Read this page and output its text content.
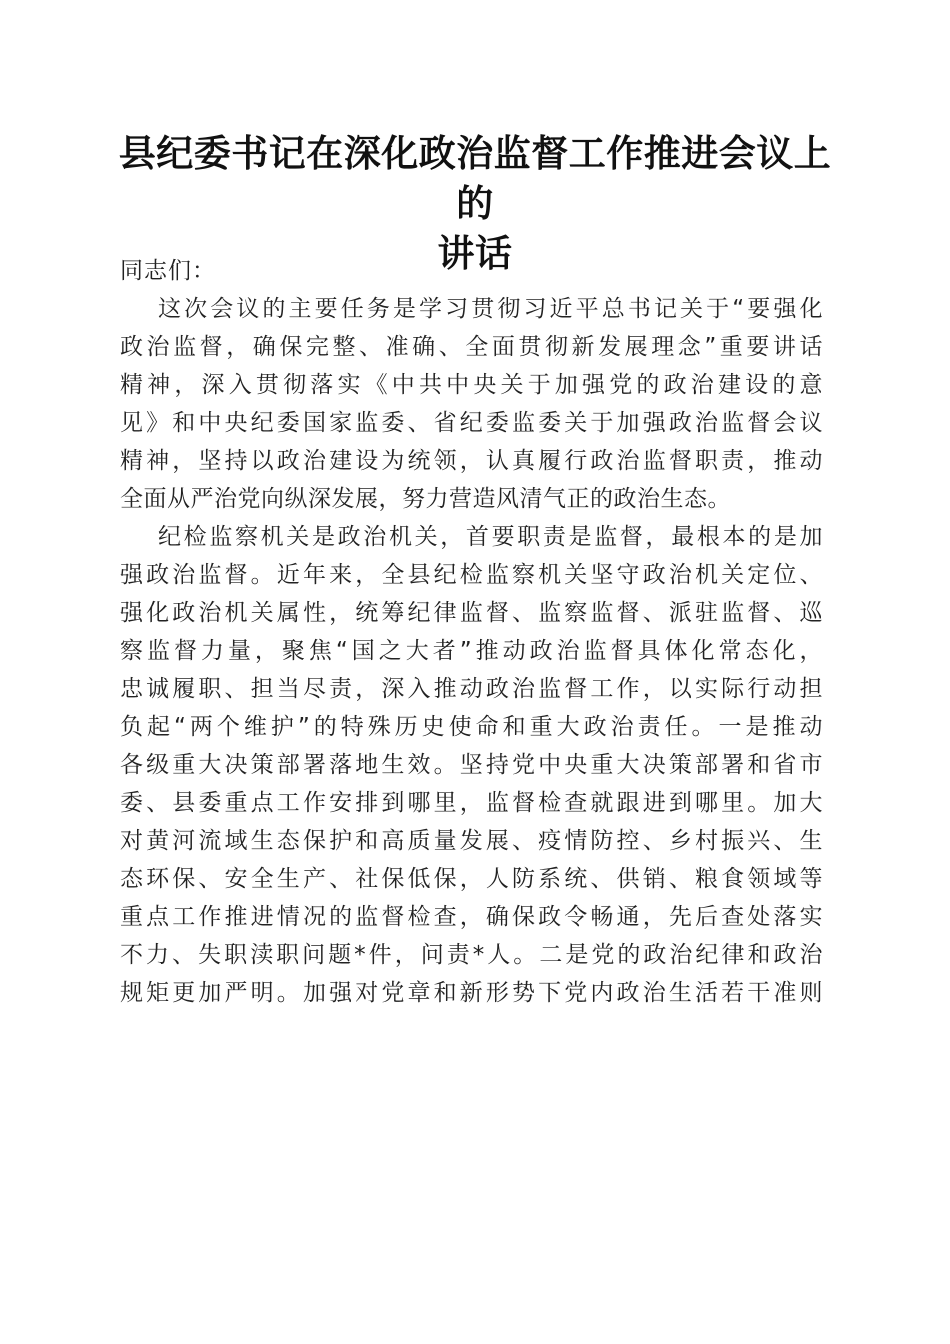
县纪委书记在深化政治监督工作推进会议上的
讲话
同志们：
这次会议的主要任务是学习贯彻习近平总书记关于“要强化
政治监督，确保完整、准确、全面贯彻新发展理念”重要讲话
精神，深入贯彻落实《中共中央关于加强党的政治建设的意
见》和中央纪委国家监委、省纪委监委关于加强政治监督会议
精神，坚持以政治建设为统领，认真履行政治监督职责，推动
全面从严治党向纵深发展，努力营造风清气正的政治生态。
纪检监察机关是政治机关，首要职责是监督，最根本的是加
强政治监督。近年来，全县纪检监察机关坚守政治机关定位、
强化政治机关属性，统筹纪律监督、监察监督、派驻监督、巡
察监督力量，聚焦“国之大者”推动政治监督具体化常态化，
忠诚履职、担当尽责，深入推动政治监督工作，以实际行动担
负起“两个维护”的特殊历史使命和重大政治责任。一是推动
各级重大决策部署落地生效。坚持党中央重大决策部署和省市
委、县委重点工作安排到哪里，监督检查就跟进到哪里。加大
对黄河流域生态保护和高质量发展、疫情防控、乡村振兴、生
态环保、安全生产、社保低保，人防系统、供销、粮食领域等
重点工作推进情况的监督检查，确保政令畅通，先后查处落实
不力、失职渎职问题*件，问责*人。二是党的政治纪律和政治
规矩更加严明。加强对党章和新形势下党内政治生活若干准则
